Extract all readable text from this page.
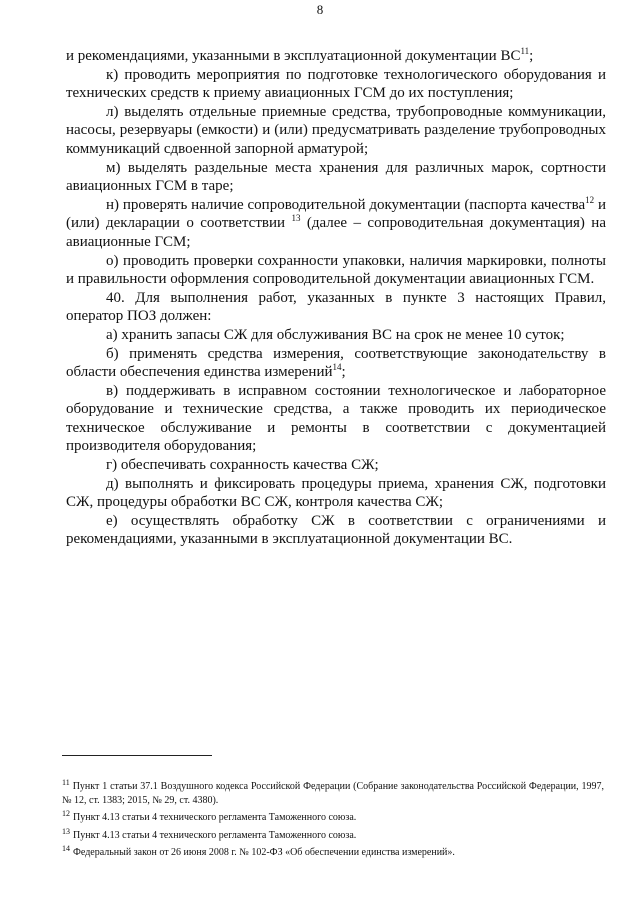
8

и рекомендациями, указанными в эксплуатационной документации ВС$^{11}$;

к) проводить мероприятия по подготовке технологического оборудования и технических средств к приему авиационных ГСМ до их поступления;

л) выделять отдельные приемные средства, трубопроводные коммуникации, насосы, резервуары (емкости) и (или) предусматривать разделение трубопроводных коммуникаций сдвоенной запорной арматурой;

м) выделять раздельные места хранения для различных марок, сортности авиационных ГСМ в таре;

н) проверять наличие сопроводительной документации (паспорта качества$^{12}$ и (или) декларации о соответствии $^{13}$ (далее – сопроводительная документация) на авиационные ГСМ;

о) проводить проверки сохранности упаковки, наличия маркировки, полноты и правильности оформления сопроводительной документации авиационных ГСМ.

40. Для выполнения работ, указанных в пункте 3 настоящих Правил, оператор ПОЗ должен:

а) хранить запасы СЖ для обслуживания ВС на срок не менее 10 суток;

б) применять средства измерения, соответствующие законодательству в области обеспечения единства измерений$^{14}$;

в) поддерживать в исправном состоянии технологическое и лабораторное оборудование и технические средства, а также проводить их периодическое техническое обслуживание и ремонты в соответствии с документацией производителя оборудования;

г) обеспечивать сохранность качества СЖ;

д) выполнять и фиксировать процедуры приема, хранения СЖ, подготовки СЖ, процедуры обработки ВС СЖ, контроля качества СЖ;

е) осуществлять обработку СЖ в соответствии с ограничениями и рекомендациями, указанными в эксплуатационной документации ВС.

$^{11}$ Пункт 1 статьи 37.1 Воздушного кодекса Российской Федерации (Собрание законодательства Российской Федерации, 1997, № 12, ст. 1383; 2015, № 29, ст. 4380).

$^{12}$ Пункт 4.13 статьи 4 технического регламента Таможенного союза.

$^{13}$ Пункт 4.13 статьи 4 технического регламента Таможенного союза.

$^{14}$ Федеральный закон от 26 июня 2008 г. № 102-ФЗ «Об обеспечении единства измерений».
